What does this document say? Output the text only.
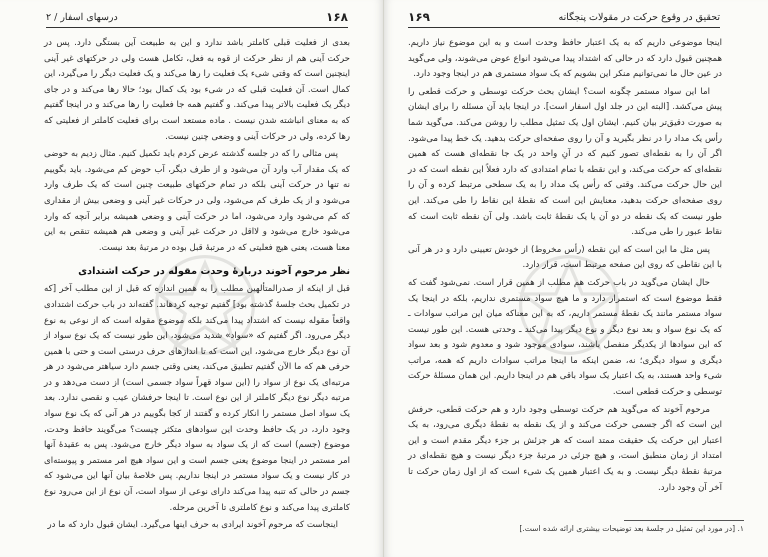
۱۶۸
درسهای اسفار / ۲

بعدی از فعلیت قبلی کاملتر باشد ندارد و این به طبیعت آین بستگی دارد. پس در حرکت آینی هم از نظر حرکت از قوه به فعل، تکامل هست ولی در حرکتهای غیر آینی اینچنین است که وقتی شیء یک فعلیت را رها می‌کند و یک فعلیت دیگر را می‌گیرد، این کمال است. آن فعلیت قبلی که در شیء بود یک کمال بود؛ حالا رها می‌کند و در جای دیگر یک فعلیت بالاتر پیدا می‌کند. و گفتیم همه جا فعلیت را رها می‌کند و در اینجا گفتیم که به معنای انباشته شدن نیست . ماده مستعد است برای فعلیت کاملتر از فعلیتی که رها کرده، ولی در حرکات آینی و وضعی چنین نیست.

پس مثالی را که در جلسه گذشته عرض کردم باید تکمیل کنیم. مثال زدیم به حوضی که یک مقدار آب وارد آن می‌شود و از طرف دیگر، آب حوض کم می‌شود. باید بگوییم نه تنها در حرکت آینی بلکه در تمام حرکتهای طبیعت چنین است که یک طرف وارد می‌شود و از یک طرف کم می‌شود، ولی در حرکات غیر آینی و وضعی بیش از مقداری که کم می‌شود وارد می‌شود، اما در حرکت آینی و وضعی همیشه برابر آنچه که وارد می‌شود خارج می‌شود و لااقل در حرکت غیر آینی و وضعی هم همیشه تنقص به این معنا هست، یعنی هیچ فعلیتی که در مرتبهٔ قبل بوده در مرتبهٔ بعد نیست.

نظر مرحوم آخوند دربارهٔ وحدت مقوله در حرکت اشتدادی

قبل از اینکه از صدرالمتألهین مطلب را به همین اندازه که قبل از این مطلب آخر [که در تکمیل بحث جلسهٔ گذشته بود] گفتیم توجیه کردهاند. گفته‌اند در باب حرکت اشتدادی واقعاً مقوله نیست که اشتداد پیدا می‌کند بلکه موضوع مقوله است که از نوعی به نوع دیگر می‌رود. اگر گفتیم که «سواد» شدید می‌شود، این طور نیست که یک نوع سواد از آن نوع دیگر خارج می‌شود، این است که تا اندازهای حرف درستی است و حتی با همین حرفی هم که ما الآن گفتیم تطبیق می‌کند، یعنی وقتی جسم دارد سیاهتر می‌شود در هر مرتبه‌ای یک نوع از سواد را (این سواد قهراً سواد جسمی است) از دست می‌دهد و در مرتبه دیگر نوع دیگر کاملتر از این نوع است. تا اینجا حرفشان عیب و نقصی ندارد. بعد یک سواد اصل مستمر را انکار کرده و گفتند از کجا بگوییم در هر آنی که یک نوع سواد وجود دارد، در یک حافظ وحدت این سوادهای متکثر چیست؟ می‌گویند حافظ وحدت، موضوع (جسم) است که از یک سواد به سواد دیگر خارج می‌شود. پس به عقیدهٔ آنها امر مستمر در اینجا موضوع یعنی جسم است و این سواد هیچ امر مستمر و پیوسته‌ای در کار نیست و یک سواد مستمر در اینجا نداریم. پس خلاصهٔ بیان آنها این می‌شود که جسم در حالی که تنبه پیدا می‌کند دارای نوعی از سواد است، آن نوع از این می‌رود نوع کاملتری پیدا می‌کند و نوع کاملتری تا آخرین مرحله.

اینجاست که مرحوم آخوند ایرادی به حرف اینها می‌گیرد. ایشان قبول دارد که ما در

۱۶۹	تحقیق در وقوع حرکت در مقولات پنجگانه

اینجا موضوعی داریم که به یک اعتبار حافظ وحدت است و به این موضوع نیاز داریم. همچنین قبول دارد که در حالی که اشتداد پیدا می‌شود انواع عوض می‌شوند، ولی می‌گوید در عین حال ما نمی‌توانیم منکر این بشویم که یک سواد مستمری هم در اینجا وجود دارد.

اما این سواد مستمر چگونه است؟ ایشان بحث حرکت توسطی و حرکت قطعی را پیش می‌کشد. [البته این در جلد اول اسفار است]. در اینجا باید آن مسئله را برای ایشان به صورت دقیق‌تر بیان کنیم. ایشان اول یک تمثیل مطلب را روشن می‌کند. می‌گوید شما رأس یک مداد را در نظر بگیرید و آن را روی صفحه‌ای حرکت بدهید. یک خط پیدا می‌شود. اگر آن را به نقطه‌ای تصور کنیم که در آنِ واحد در یک جا نقطه‌ای هست که همین نقطه‌ای که حرکت می‌کند، و این نقطه با تمام امتدادی که دارد فعلاً این نقطه است که در این حال حرکت می‌کند. وقتی که رأس یک مداد را به یک سطحی مرتبط کرده و آن را روی صفحه‌ای حرکت بدهید، معنایش این است که نقطهٔ این نقاط را طی می‌کند. این طور نیست که یک نقطه در دو آن یا یک نقطهٔ ثابت باشد. ولی آن نقطه ثابت است که نقاط عبور را طی می‌کند.

پس مثل ما این است که این نقطه (رأس مخروط) از خودش تعیینی دارد و در هر آنی با این نقاطی که روی این صفحه مرتبط است، قرار دارد.

حال ایشان می‌گوید در باب حرکت هم مطلب از همین قرار است. نمی‌شود گفت که فقط موضوع است که استمرار دارد و ما هیچ سواد مستمری نداریم، بلکه در اینجا یک سواد مستمر مانند یک نقطهٔ مستمر داریم، که به این معناکه میان این مراتب سوادات ـ که یک نوع سواد و بعد نوع دیگر و نوع دیگر پیدا می‌کند ـ وحدتی هست. این طور نیست که این سوادها از یکدیگر منفصل باشند، سوادی موجود شود و معدوم شود و بعد سواد دیگری و سواد دیگری؛ نه، ضمن اینکه ما اینجا مراتب سوادات داریم که همه، مراتب شیء واحد هستند، به یک اعتبار یک سواد باقی هم در اینجا داریم. این همان مسئلهٔ حرکت توسطی و حرکت قطعی است.

مرحوم آخوند که می‌گوید هم حرکت توسطی وجود دارد و هم حرکت قطعی، حرفش این است که اگر جسمی حرکت می‌کند و از یک نقطه به نقطهٔ دیگری می‌رود، به یک اعتبار این حرکت یک حقیقت ممتد است که هر جزئش بر جزء دیگر مقدم است و این امتداد از زمان منطبق است، و هیچ جزئی در مرتبهٔ جزء دیگر نیست و هیچ نقطه‌ای در مرتبهٔ نقطهٔ دیگر نیست. و به یک اعتبار همین یک شیء است که از اول زمان حرکت تا آخر آن وجود دارد.

۱. [در مورد این تمثیل در جلسهٔ بعد توضیحات بیشتری ارائه شده است.]
